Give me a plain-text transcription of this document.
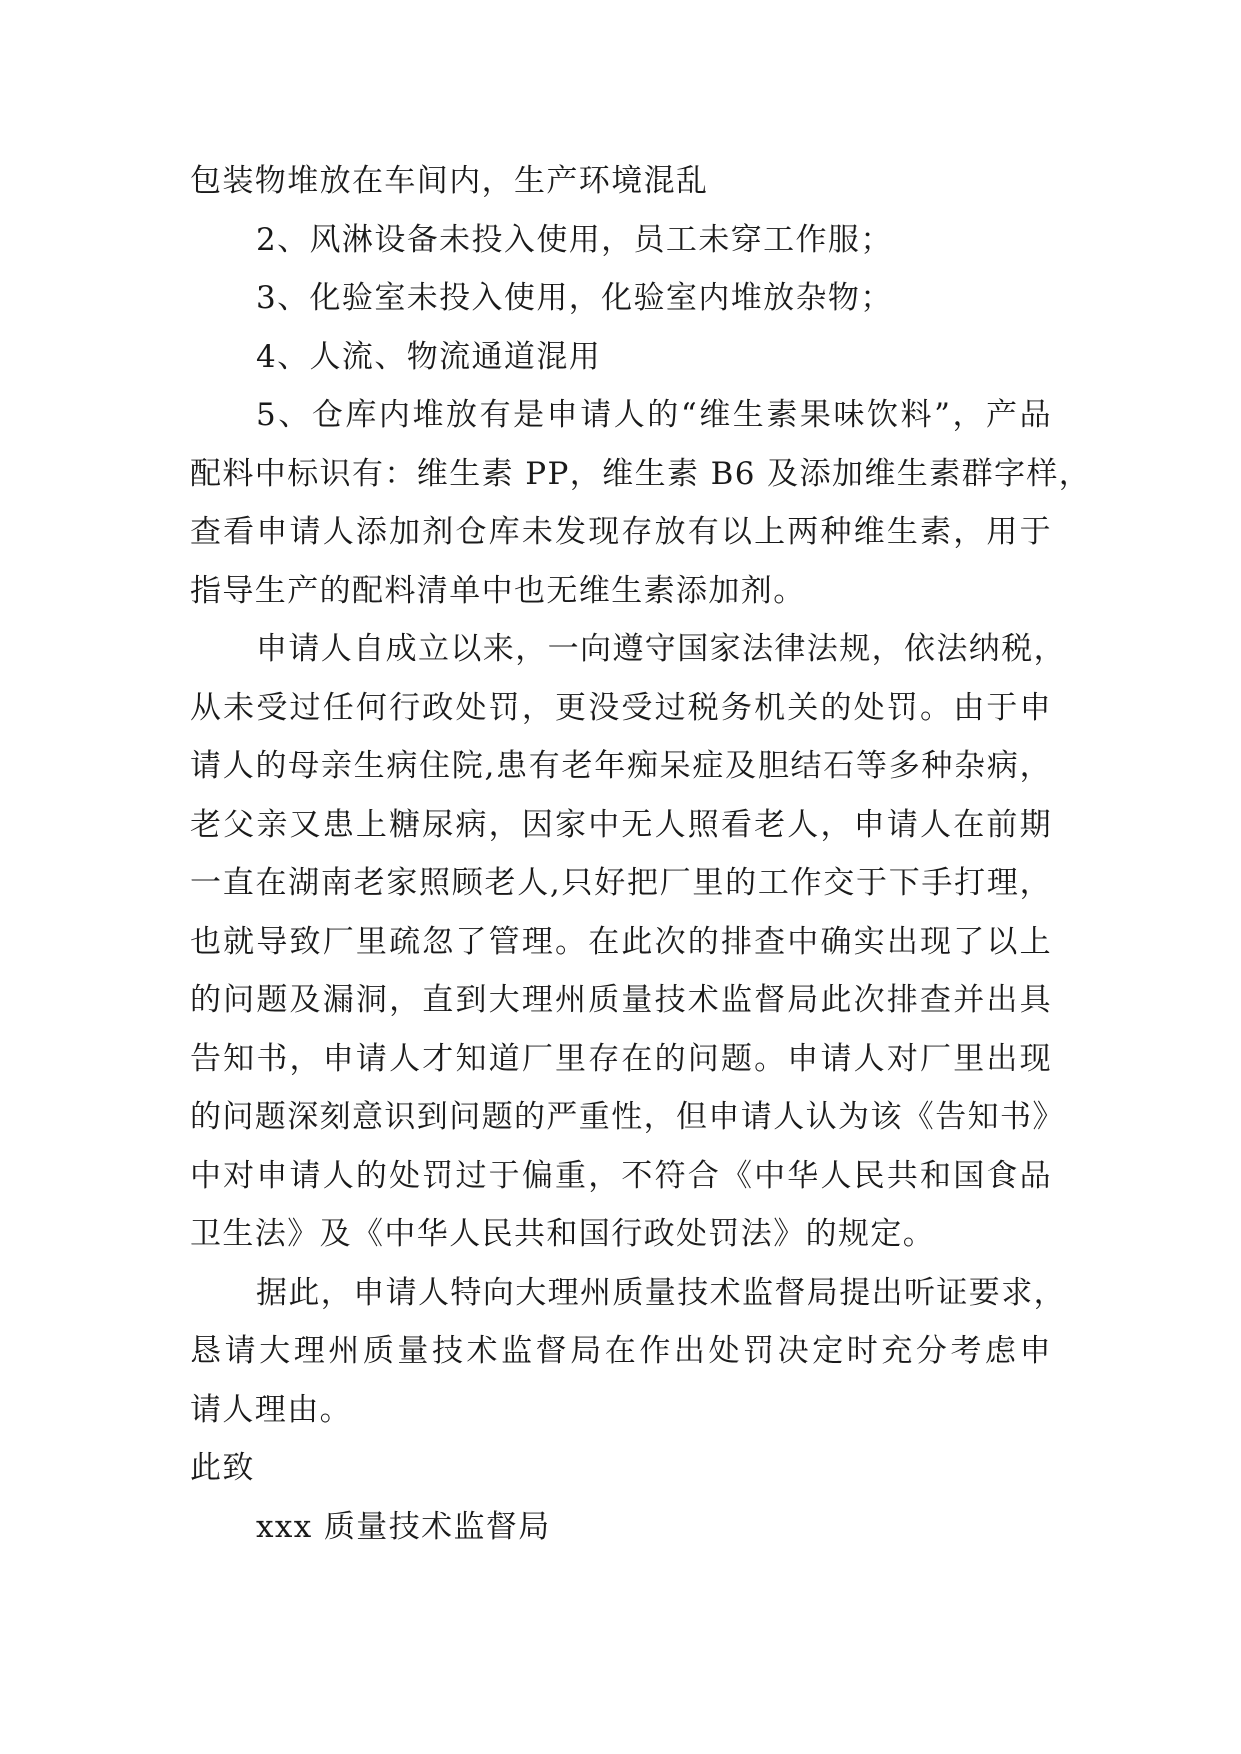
包装物堆放在车间内，生产环境混乱
2、风淋设备未投入使用，员工未穿工作服；
3、化验室未投入使用，化验室内堆放杂物；
4、人流、物流通道混用
5、仓库内堆放有是申请人的“维生素果味饮料”，产品
配料中标识有：维生素 PP，维生素 B6 及添加维生素群字样，
查看申请人添加剂仓库未发现存放有以上两种维生素，用于
指导生产的配料清单中也无维生素添加剂。
申请人自成立以来，一向遵守国家法律法规，依法纳税，
从未受过任何行政处罚，更没受过税务机关的处罚。由于申
请人的母亲生病住院,患有老年痴呆症及胆结石等多种杂病，
老父亲又患上糖尿病，因家中无人照看老人，申请人在前期
一直在湖南老家照顾老人,只好把厂里的工作交于下手打理，
也就导致厂里疏忽了管理。在此次的排查中确实出现了以上
的问题及漏洞，直到大理州质量技术监督局此次排查并出具
告知书，申请人才知道厂里存在的问题。申请人对厂里出现
的问题深刻意识到问题的严重性，但申请人认为该《告知书》
中对申请人的处罚过于偏重，不符合《中华人民共和国食品
卫生法》及《中华人民共和国行政处罚法》的规定。
据此，申请人特向大理州质量技术监督局提出听证要求，
恳请大理州质量技术监督局在作出处罚决定时充分考虑申
请人理由。
此致
xxx 质量技术监督局
